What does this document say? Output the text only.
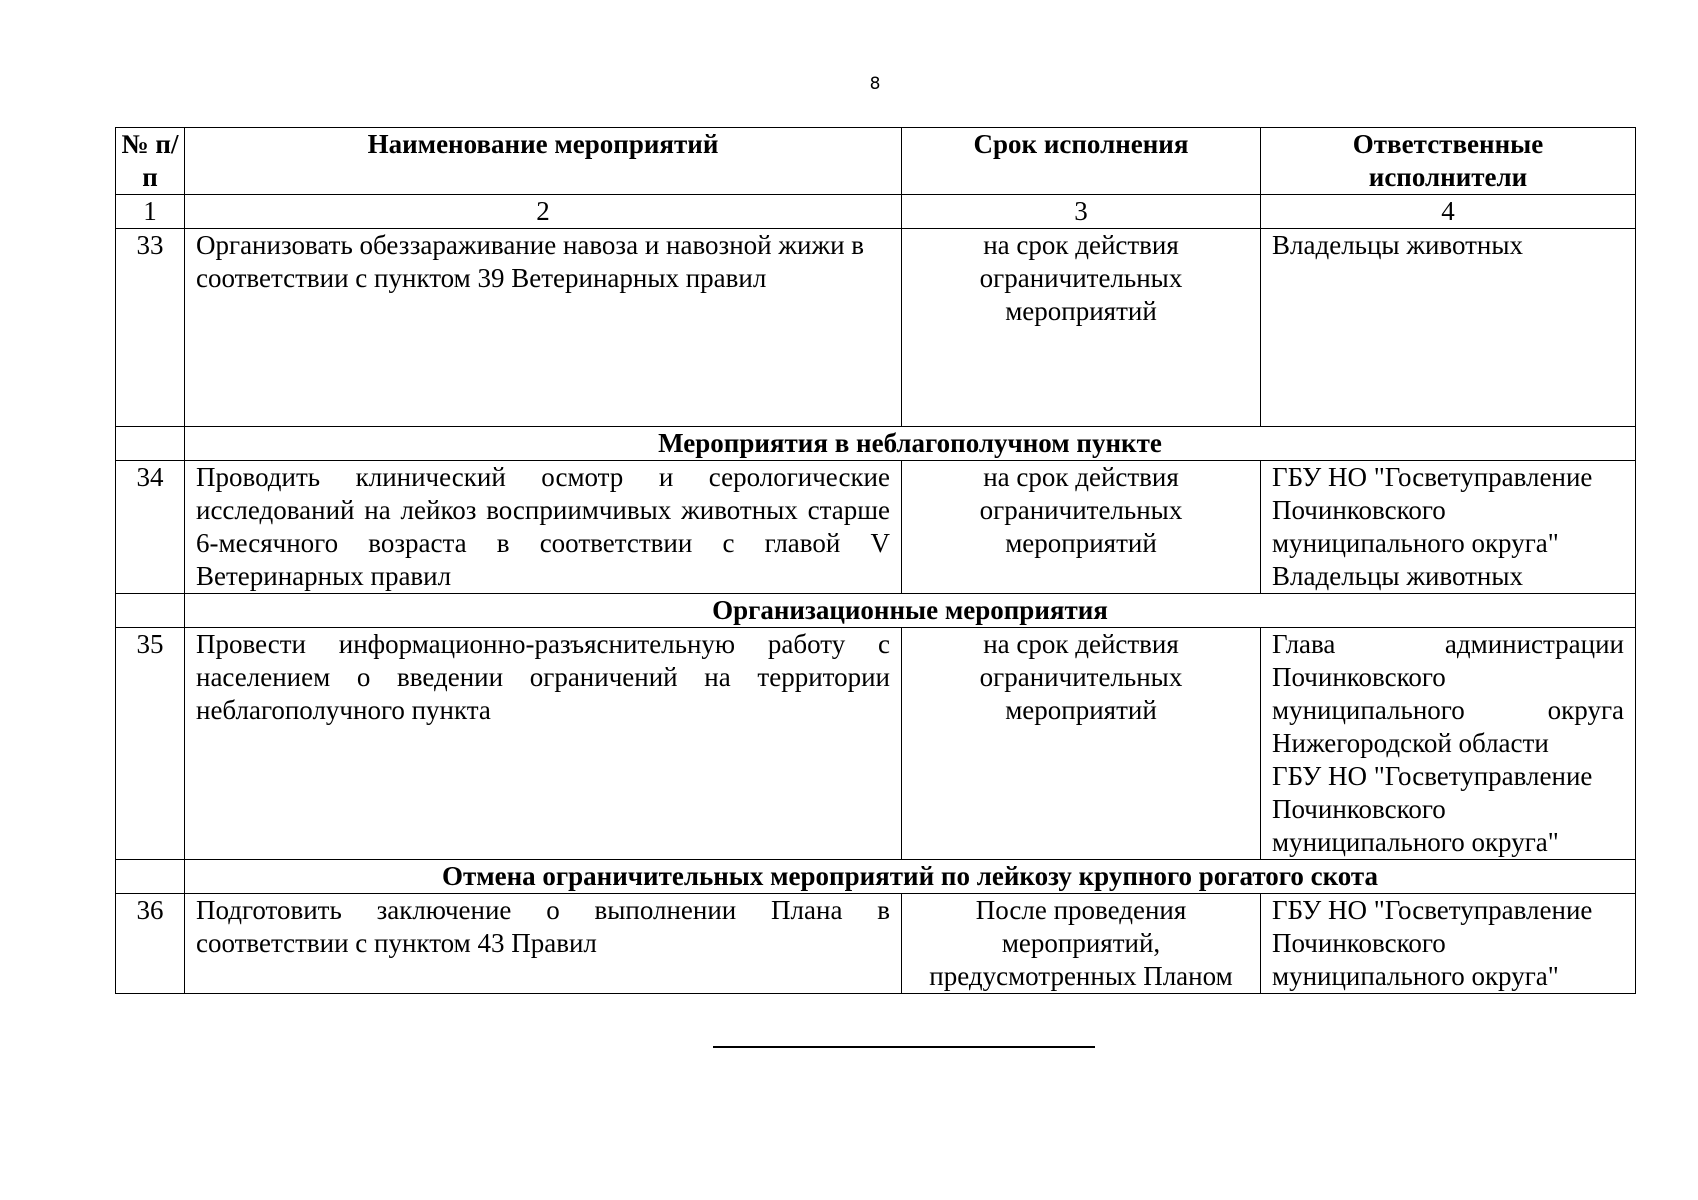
8
№ п/п	Наименование мероприятий	Срок исполнения	Ответственные исполнители
1	2	3	4
33	Организовать обеззараживание навоза и навозной жижи в соответствии с пунктом 39 Ветеринарных правил	на срок действия ограничительных мероприятий	Владельцы животных
	Мероприятия в неблагополучном пункте		
34	Проводить клинический осмотр и серологические исследований на лейкоз восприимчивых животных старше 6-месячного возраста в соответствии с главой V Ветеринарных правил	на срок действия ограничительных мероприятий	ГБУ НО "Госветуправление Починковского муниципального округа"
Владельцы животных

	Организационные мероприятия		
35	Провести информационно-разъяснительную работу с населением о введении ограничений на территории неблагополучного пункта	на срок действия ограничительных мероприятий	Глава администрации Починковского муниципального округа Нижегородской области
ГБУ НО "Госветуправление Починковского муниципального округа"

	Отмена ограничительных мероприятий по лейкозу крупного рогатого скота		
36	Подготовить заключение о выполнении Плана в соответствии с пунктом 43 Правил	После проведения мероприятий, предусмотренных Планом	ГБУ НО "Госветуправление Починковского муниципального округа"
